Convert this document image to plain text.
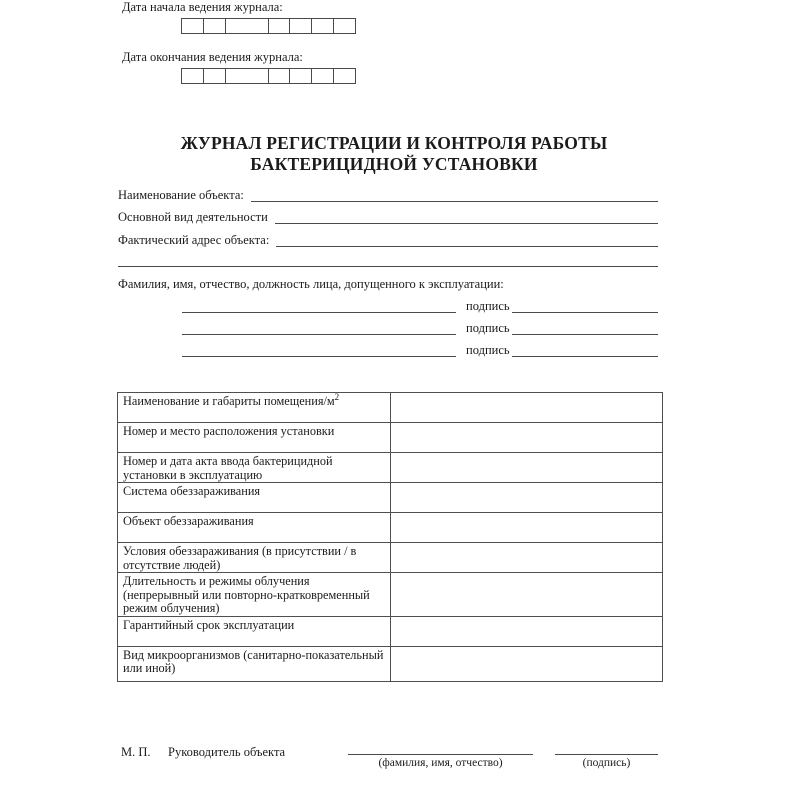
Дата начала ведения журнала:
Дата окончания ведения журнала:
ЖУРНАЛ РЕГИСТРАЦИИ И КОНТРОЛЯ РАБОТЫ
БАКТЕРИЦИДНОЙ УСТАНОВКИ
Наименование объекта:
Основной вид деятельности
Фактический адрес объекта:
Фамилия, имя, отчество, должность лица, допущенного к эксплуатации:
подпись
подпись
подпись
Наименование и габариты помещения/$м^2$	
Номер и место расположения установки	
Номер и дата акта ввода бактерицидной установки в эксплуатацию	
Система обеззараживания	
Объект обеззараживания	
Условия обеззараживания (в присутствии / в отсутствие людей)	
Длительность и режимы облучения (непрерывный или повторно-кратковременный режим облучения)	
Гарантийный срок эксплуатации	
Вид микроорганизмов (санитарно-показательный или иной)	
М. П. Руководитель объекта
(фамилия, имя, отчество)	(подпись)
